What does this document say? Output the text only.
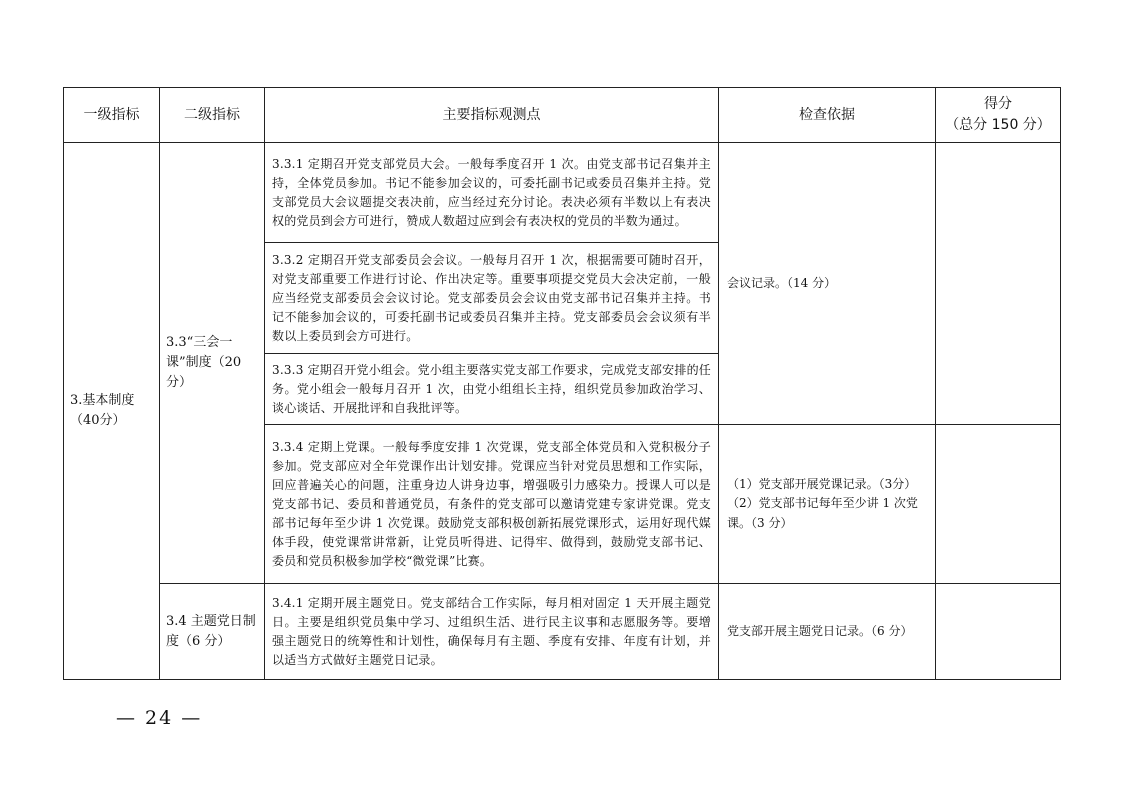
一级指标	二级指标	主要指标观测点	检查依据	得分
（总分 150 分）

3.基本制度（40分）	3.3“三会一课”制度（20分）	3.3.1 定期召开党支部党员大会。一般每季度召开 1 次。由党支部书记召集并主持，全体党员参加。书记不能参加会议的，可委托副书记或委员召集并主持。党支部党员大会议题提交表决前，应当经过充分讨论。表决必须有半数以上有表决权的党员到会方可进行，赞成人数超过应到会有表决权的党员的半数为通过。	会议记录。（14 分）	
		3.3.2 定期召开党支部委员会会议。一般每月召开 1 次，根据需要可随时召开，对党支部重要工作进行讨论、作出决定等。重要事项提交党员大会决定前，一般应当经党支部委员会会议讨论。党支部委员会会议由党支部书记召集并主持。书记不能参加会议的，可委托副书记或委员召集并主持。党支部委员会会议须有半数以上委员到会方可进行。		
		3.3.3 定期召开党小组会。党小组主要落实党支部工作要求，完成党支部安排的任务。党小组会一般每月召开 1 次，由党小组组长主持，组织党员参加政治学习、谈心谈话、开展批评和自我批评等。		
		3.3.4 定期上党课。一般每季度安排 1 次党课，党支部全体党员和入党积极分子参加。党支部应对全年党课作出计划安排。党课应当针对党员思想和工作实际，回应普遍关心的问题，注重身边人讲身边事，增强吸引力感染力。授课人可以是党支部书记、委员和普通党员，有条件的党支部可以邀请党建专家讲党课。党支部书记每年至少讲 1 次党课。鼓励党支部积极创新拓展党课形式，运用好现代媒体手段，使党课常讲常新，让党员听得进、记得牢、做得到，鼓励党支部书记、委员和党员积极参加学校“微党课”比赛。	（1）党支部开展党课记录。（3分）
（2）党支部书记每年至少讲 1 次党课。（3 分）	

	3.4 主题党日制度（6 分）	3.4.1 定期开展主题党日。党支部结合工作实际，每月相对固定 1 天开展主题党日。主要是组织党员集中学习、过组织生活、进行民主议事和志愿服务等。要增强主题党日的统筹性和计划性，确保每月有主题、季度有安排、年度有计划，并以适当方式做好主题党日记录。	党支部开展主题党日记录。（6 分）	
— 24 —
